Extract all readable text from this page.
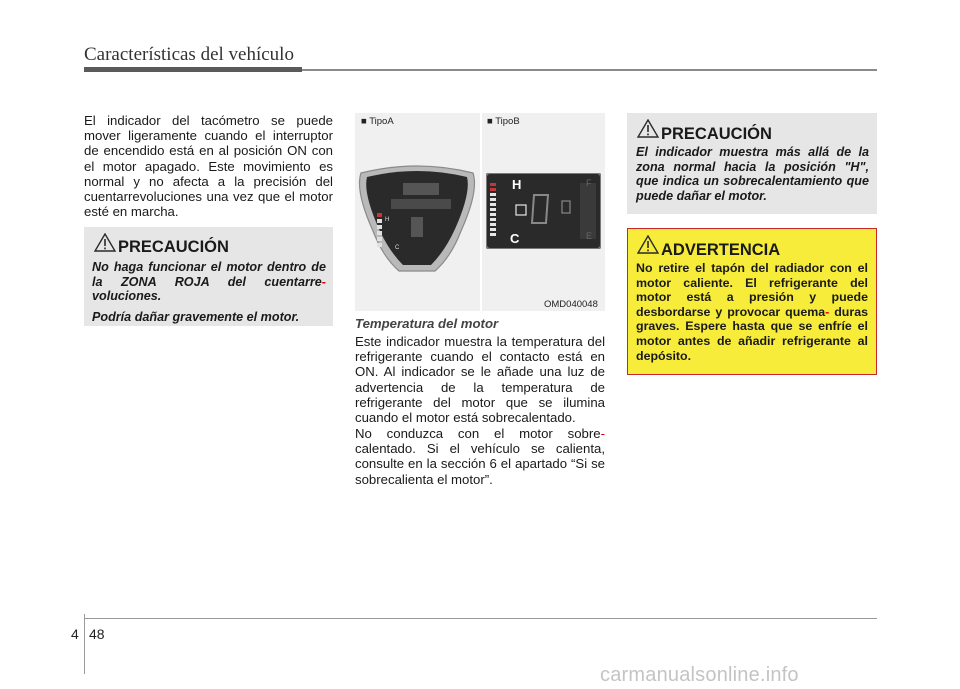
Características del vehículo
El indicador del tacómetro se puede mover ligeramente cuando el interruptor de encendido está en al posición ON con el motor apagado. Este movimiento es normal y no afecta a la precisión del cuentarrevoluciones una vez que el motor esté en marcha.
PRECAUCIÓN
No haga funcionar el motor dentro de la ZONA ROJA del cuentarre- voluciones.
Podría dañar gravemente el motor.
■ TipoA	■ TipoB
H
C
H
C
F
E
OMD040048
Temperatura del motor
Este indicador muestra la temperatura del refrigerante cuando el contacto está en ON. Al indicador se le añade una luz de advertencia de la temperatura de refrigerante del motor que se ilumina cuando el motor está sobrecalentado.
No conduzca con el motor sobre- calentado. Si el vehículo se calienta, consulte en la sección 6 el apartado “Si se sobrecalienta el motor”.
PRECAUCIÓN
El indicador muestra más allá de la zona normal hacia la posición "H", que indica un sobrecalentamiento que puede dañar el motor.
ADVERTENCIA
No retire el tapón del radiador con el motor caliente. El refrigerante del motor está a presión y puede desbordarse y provocar quema- duras graves. Espere hasta que se enfríe el motor antes de añadir refrigerante al depósito.
4 48
carmanualsonline.info
